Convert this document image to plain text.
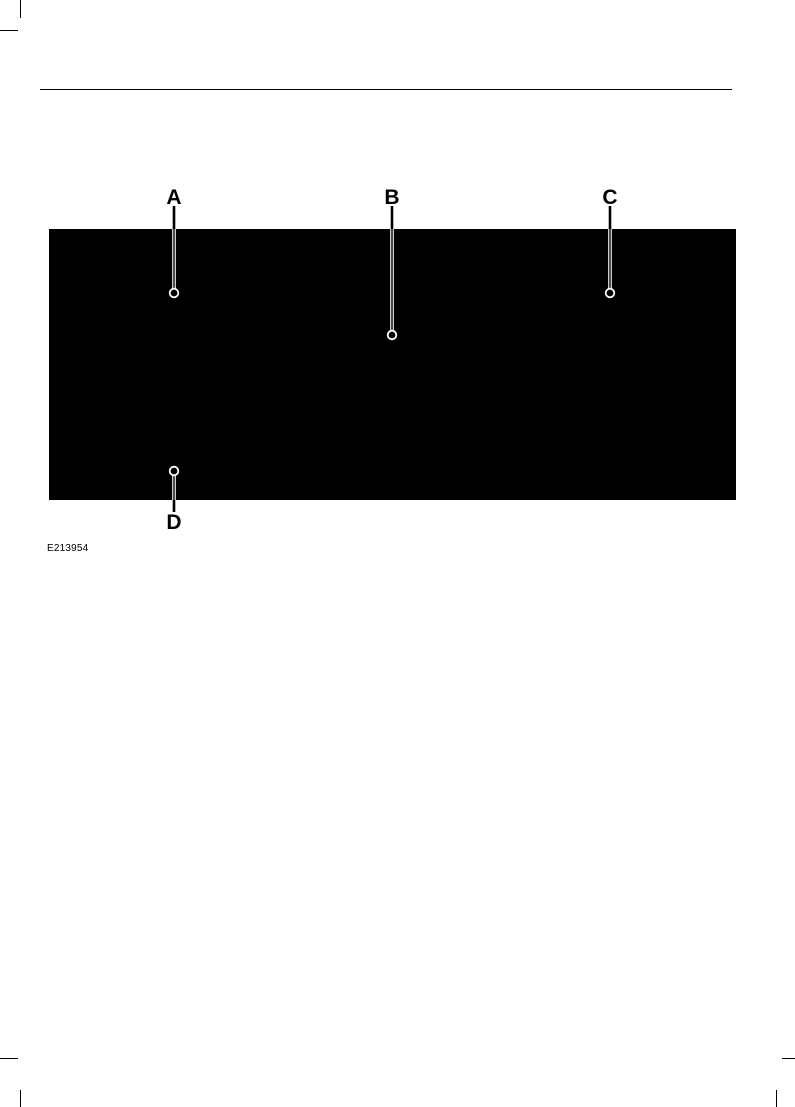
A	B	C
D
E213954
